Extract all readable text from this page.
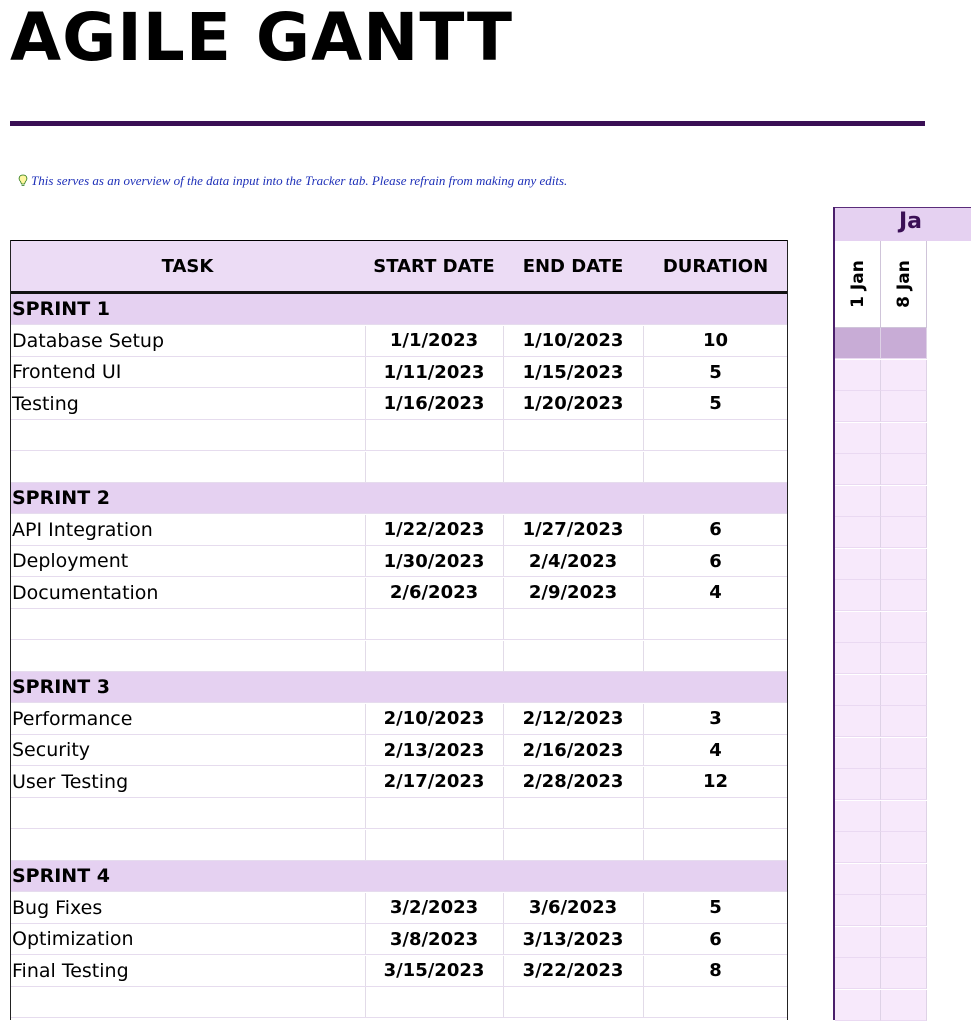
AGILE GANTT
This serves as an overview of the data input into the Tracker tab. Please refrain from making any edits.
TASK	START DATE	END DATE	DURATION
SPRINT 1
Database Setup	1/1/2023	1/10/2023	10
Frontend UI	1/11/2023	1/15/2023	5
Testing	1/16/2023	1/20/2023	5
SPRINT 2
API Integration	1/22/2023	1/27/2023	6
Deployment	1/30/2023	2/4/2023	6
Documentation	2/6/2023	2/9/2023	4
SPRINT 3
Performance	2/10/2023	2/12/2023	3
Security	2/13/2023	2/16/2023	4
User Testing	2/17/2023	2/28/2023	12
SPRINT 4
Bug Fixes	3/2/2023	3/6/2023	5
Optimization	3/8/2023	3/13/2023	6
Final Testing	3/15/2023	3/22/2023	8
Ja
1 Jan 8 Jan
